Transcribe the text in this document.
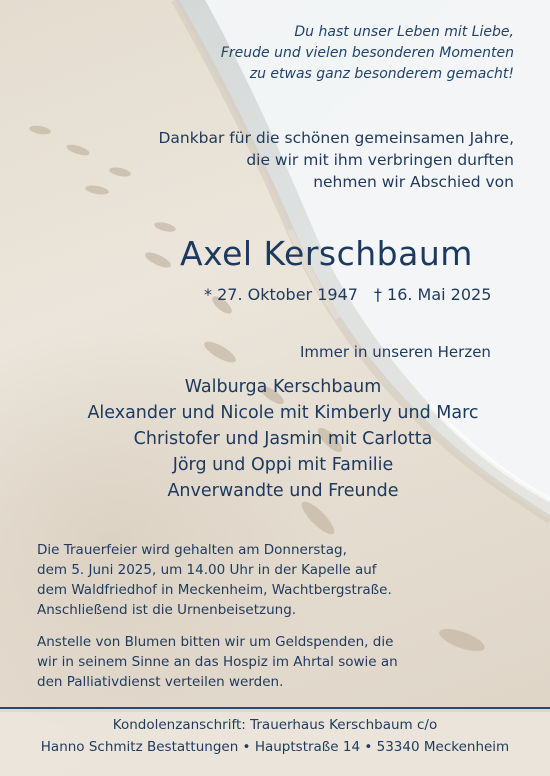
Du hast unser Leben mit Liebe,
Freude und vielen besonderen Momenten
zu etwas ganz besonderem gemacht!
Dankbar für die schönen gemeinsamen Jahre,
die wir mit ihm verbringen durften
nehmen wir Abschied von
Axel Kerschbaum
* 27. Oktober 1947 † 16. Mai 2025
Immer in unseren Herzen
Walburga Kerschbaum
Alexander und Nicole mit Kimberly und Marc
Christofer und Jasmin mit Carlotta
Jörg und Oppi mit Familie
Anverwandte und Freunde
Die Trauerfeier wird gehalten am Donnerstag,
dem 5. Juni 2025, um 14.00 Uhr in der Kapelle auf
dem Waldfriedhof in Meckenheim, Wachtbergstraße.
Anschließend ist die Urnenbeisetzung.
Anstelle von Blumen bitten wir um Geldspenden, die
wir in seinem Sinne an das Hospiz im Ahrtal sowie an
den Palliativdienst verteilen werden.
Kondolenzanschrift: Trauerhaus Kerschbaum c/o
Hanno Schmitz Bestattungen • Hauptstraße 14 • 53340 Meckenheim
